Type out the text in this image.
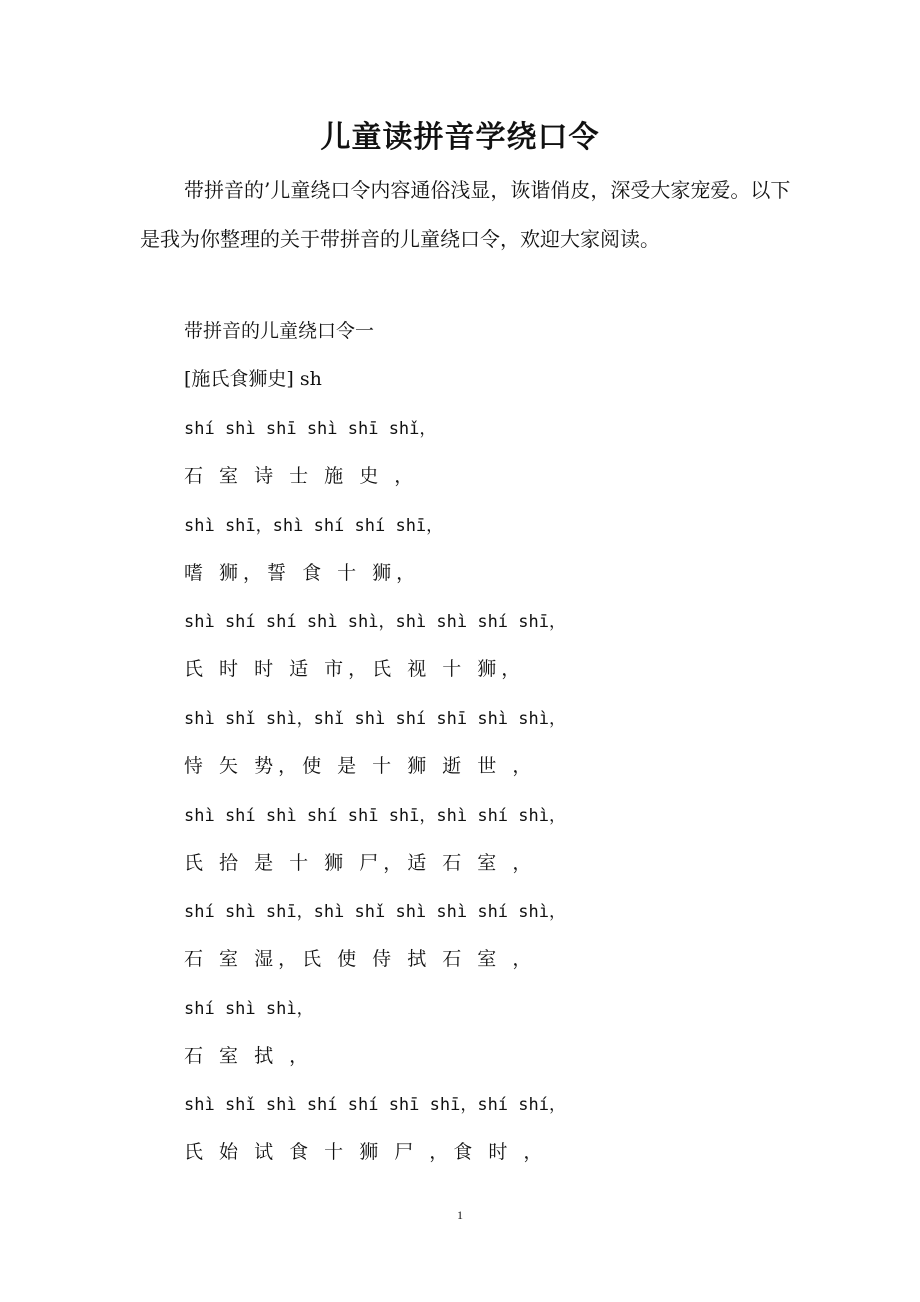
儿童读拼音学绕口令

带拼音的’儿童绕口令内容通俗浅显，诙谐俏皮，深受大家宠爱。以下是我为你整理的关于带拼音的儿童绕口令，欢迎大家阅读。

带拼音的儿童绕口令一

[施氏食狮史] sh

shí shì shī shì shī shǐ，

石 室 诗 士 施 史 ，

shì shī，shì shí shí shī，

嗜 狮，誓 食 十 狮，

shì shí shí shì shì，shì shì shí shī，

氏 时 时 适 市，氏 视 十 狮，

shì shǐ shì，shǐ shì shí shī shì shì，

恃 矢 势，使 是 十 狮 逝 世 ，

shì shí shì shí shī shī，shì shí shì，

氏 拾 是 十 狮 尸，适 石 室 ，

shí shì shī，shì shǐ shì shì shí shì，

石 室 湿，氏 使 侍 拭 石 室 ，

shí shì shì，

石 室 拭 ，

shì shǐ shì shí shí shī shī，shí shí，

氏 始 试 食 十 狮 尸 ，食 时 ，

1
